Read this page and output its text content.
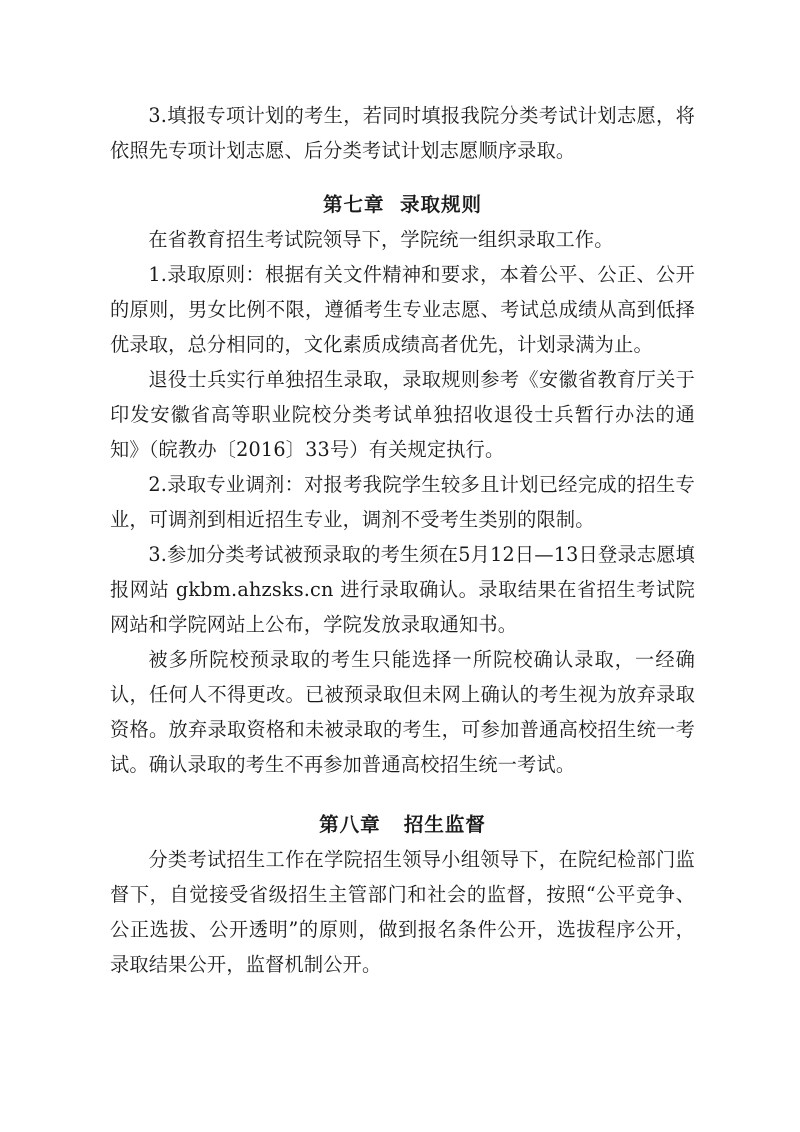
3.填报专项计划的考生，若同时填报我院分类考试计划志愿，将依照先专项计划志愿、后分类考试计划志愿顺序录取。

第七章  录取规则

在省教育招生考试院领导下，学院统一组织录取工作。

1.录取原则：根据有关文件精神和要求，本着公平、公正、公开的原则，男女比例不限，遵循考生专业志愿、考试总成绩从高到低择优录取，总分相同的，文化素质成绩高者优先，计划录满为止。

退役士兵实行单独招生录取，录取规则参考《安徽省教育厅关于印发安徽省高等职业院校分类考试单独招收退役士兵暂行办法的通知》（皖教办〔2016〕33号）有关规定执行。

2.录取专业调剂：对报考我院学生较多且计划已经完成的招生专业，可调剂到相近招生专业，调剂不受考生类别的限制。

3.参加分类考试被预录取的考生须在5月12日—13日登录志愿填报网站 gkbm.ahzsks.cn 进行录取确认。录取结果在省招生考试院网站和学院网站上公布，学院发放录取通知书。

被多所院校预录取的考生只能选择一所院校确认录取，一经确认，任何人不得更改。已被预录取但未网上确认的考生视为放弃录取资格。放弃录取资格和未被录取的考生，可参加普通高校招生统一考试。确认录取的考生不再参加普通高校招生统一考试。

第八章   招生监督

分类考试招生工作在学院招生领导小组领导下，在院纪检部门监督下，自觉接受省级招生主管部门和社会的监督，按照“公平竞争、公正选拔、公开透明”的原则，做到报名条件公开，选拔程序公开，录取结果公开，监督机制公开。
